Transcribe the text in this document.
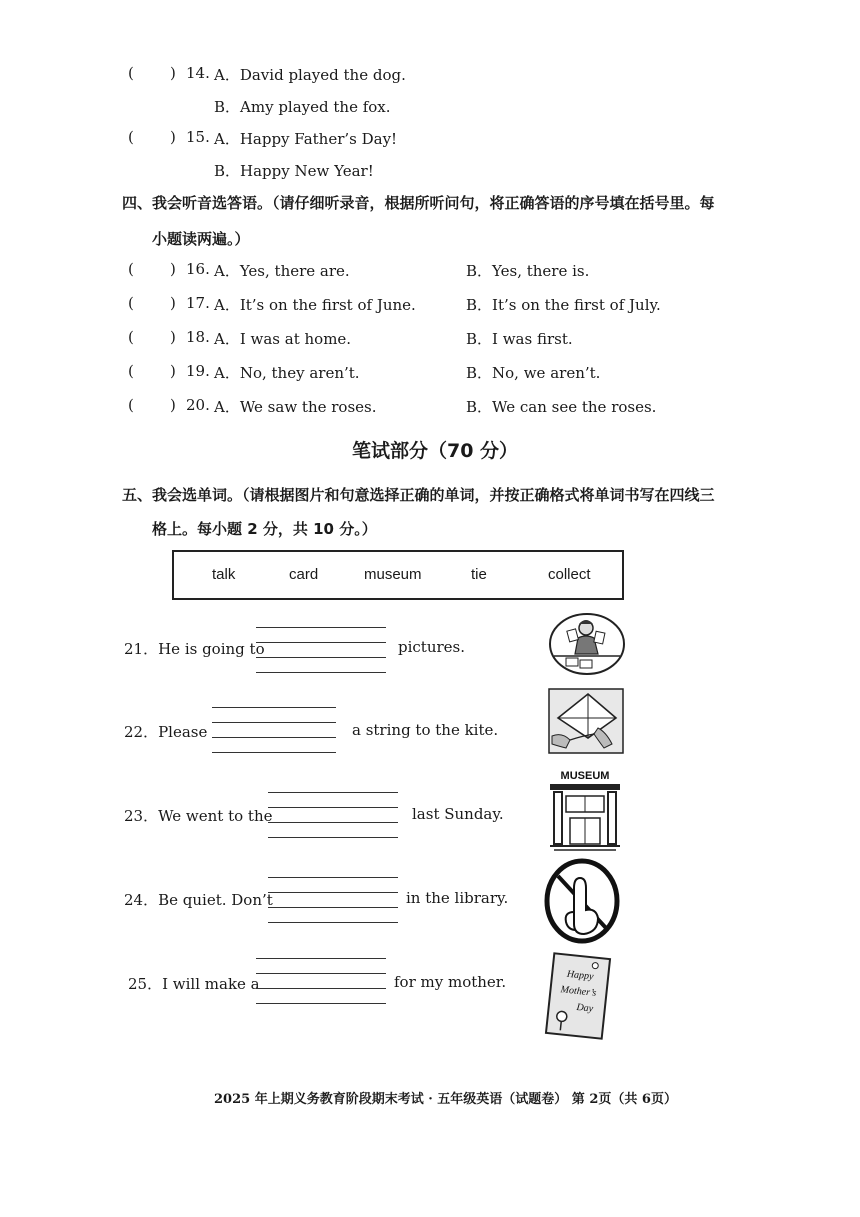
( ) 14. A．David played the dog.
B．Amy played the fox.
( ) 15. A．Happy Father’s Day!
B．Happy New Year!
四、我会听音选答语。（请仔细听录音，根据所听问句，将正确答语的序号填在括号里。每
小题读两遍。）
( ) 16. A．Yes, there are.	B．Yes, there is.
( ) 17. A．It’s on the first of June.	B．It’s on the first of July.
( ) 18. A．I was at home.	B．I was first.
( ) 19. A．No, they aren’t.	B．No, we aren’t.
( ) 20. A．We saw the roses.	B．We can see the roses.
笔试部分（70 分）
五、我会选单词。（请根据图片和句意选择正确的单词，并按正确格式将单词书写在四线三
格上。每小题 2 分，共 10 分。）
talk	card	museum	tie	collect
21．He is going to	pictures.
22．Please	a string to the kite.
23．We went to the	last Sunday.
MUSEUM
24．Be quiet. Don’t	in the library.
25．I will make a	for my mother.	Happy
Mother’s
Day
2025 年上期义务教育阶段期末考试 · 五年级英语（试题卷） 第 2页（共 6页）
